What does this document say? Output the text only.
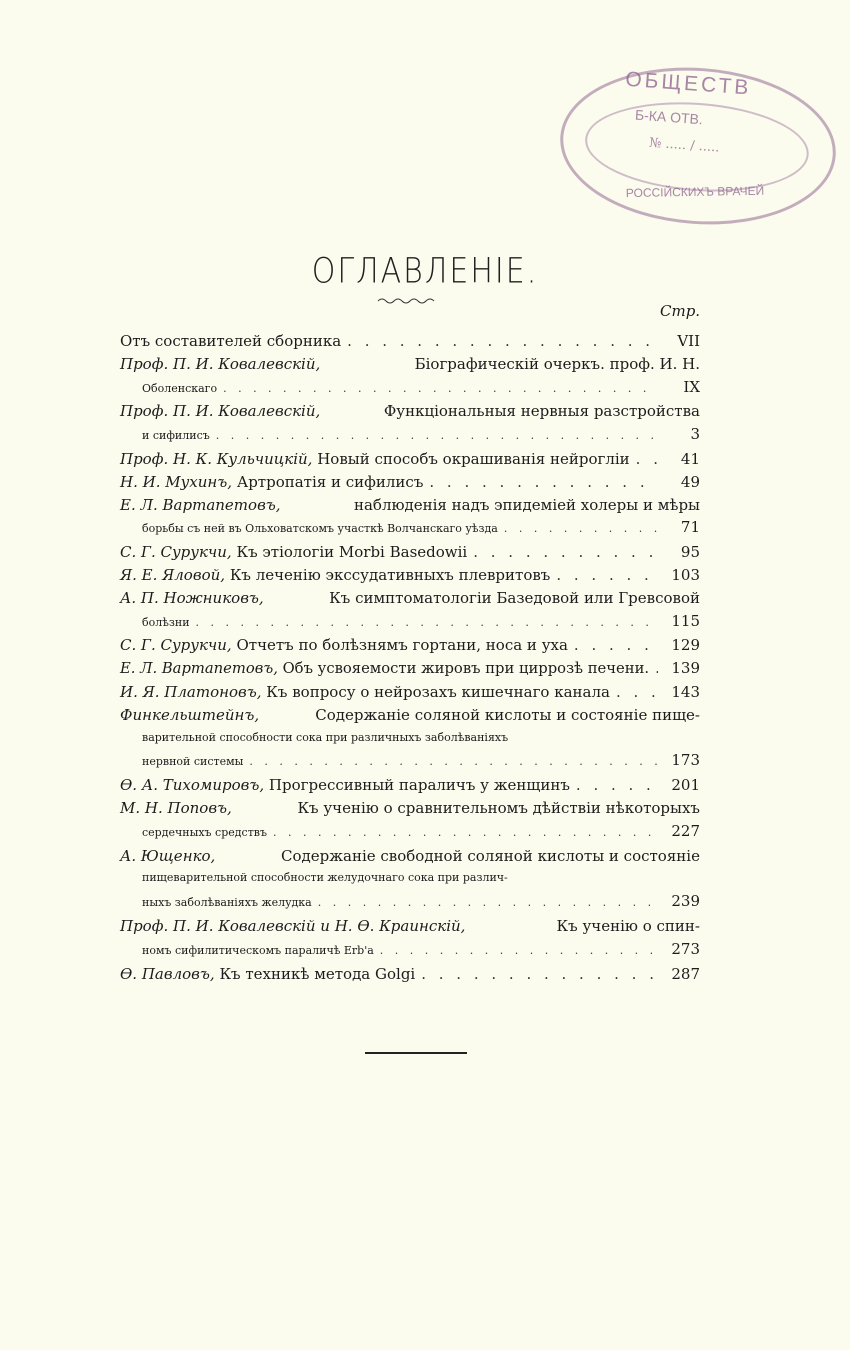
ОБЩЕСТВ
Б-КА ОТВ.
№ ..... / .....
РОССІЙСКИХЪ ВРАЧЕЙ
ОГЛАВЛЕНІЕ.
Стр.
Отъ составителей сборника . . .	VII
Проф. П. И. Ковалевскій,
	Біографическій очеркъ. проф. И. Н.
Оболенскаго . . .	IX
Проф. П. И. Ковалевскій,
	Функціональныя нервныя разстройства
и сифилисъ . . .	3
Проф. Н. К. Кульчицкій,
Новый способъ окрашиванія нейрогліи . . .	41
Н. И. Мухинъ,
Артропатія и сифилисъ . . .	49
Е. Л. Вартапетовъ,
	наблюденія надъ эпидеміей холеры и мѣры
борьбы съ ней въ Ольховатскомъ участкѣ Волчанскаго уѣзда . . .	71
С. Г. Сурукчи,
Къ этіологіи Morbi Basedowii . . .	95
Я. Е. Яловой,
Къ леченію экссудативныхъ плевритовъ . . .	103
А. П. Ножниковъ,
	Къ симптоматологіи Базедовой или Гревсовой
болѣзни . . .	115
С. Г. Сурукчи,
Отчетъ по болѣзнямъ гортани, носа и уха . . .	129
Е. Л. Вартапетовъ,
Объ усвояемости жировъ при циррозѣ печени. . . .	139
И. Я. Платоновъ,
Къ вопросу о нейрозахъ кишечнаго канала . . .	143
Финкельштейнъ,
	Содержаніе соляной кислоты и состояніе пище-
варительной способности сока при различныхъ заболѣваніяхъ
нервной системы . . .	173
Ѳ. А. Тихомировъ,
Прогрессивный параличъ у женщинъ . . .	201
М. Н. Поповъ,
	Къ ученію о сравнительномъ дѣйствіи нѣкоторыхъ
сердечныхъ средствъ . . .	227
А. Ющенко,
	Содержаніе свободной соляной кислоты и состояніе
пищеварительной способности желудочнаго сока при различ-
ныхъ заболѣваніяхъ желудка . . .	239
Проф. П. И. Ковалевскій и Н. Ѳ. Краинскій,
	Къ ученію о спин-
номъ сифилитическомъ параличѣ Erb'а . . .	273
Ѳ. Павловъ,
Къ техникѣ метода Golgi . . .	287
